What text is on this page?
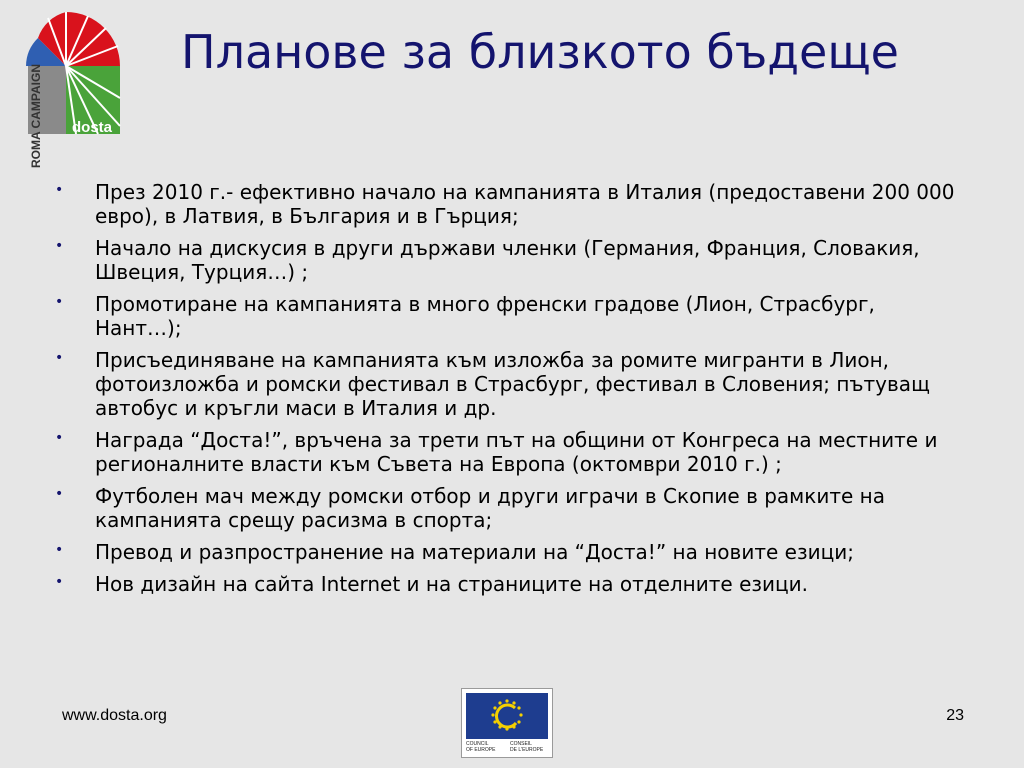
ROMA CAMPAIGN dosta
Планове за близкото бъдеще
• През 2010 г.- ефективно начало на кампанията в Италия (предоставени 200 000 евро), в Латвия, в България и в Гърция;
• Начало на дискусия в други държави членки (Германия, Франция, Словакия, Швеция, Турция…) ;
• Промотиране на кампанията в много френски градове (Лион, Страсбург, Нант…);
• Присъединяване на кампанията към изложба за ромите мигранти в Лион, фотоизложба и ромски фестивал в Страсбург, фестивал в Словения; пътуващ автобус и кръгли маси в Италия и др.
• Награда “Доста!”, връчена за трети път на общини от Конгреса на местните и регионалните власти към Съвета на Европа (октомври 2010 г.) ;
• Футболен мач между ромски отбор и други играчи в Скопие в рамките на кампанията срещу расизма в спорта;
• Превод и разпространение на материали на “Доста!” на новите езици;
• Нов дизайн на сайта Internet и на страниците на отделните езици.
www.dosta.org
COUNCIL
OF EUROPE
CONSEIL
DE L'EUROPE
23
